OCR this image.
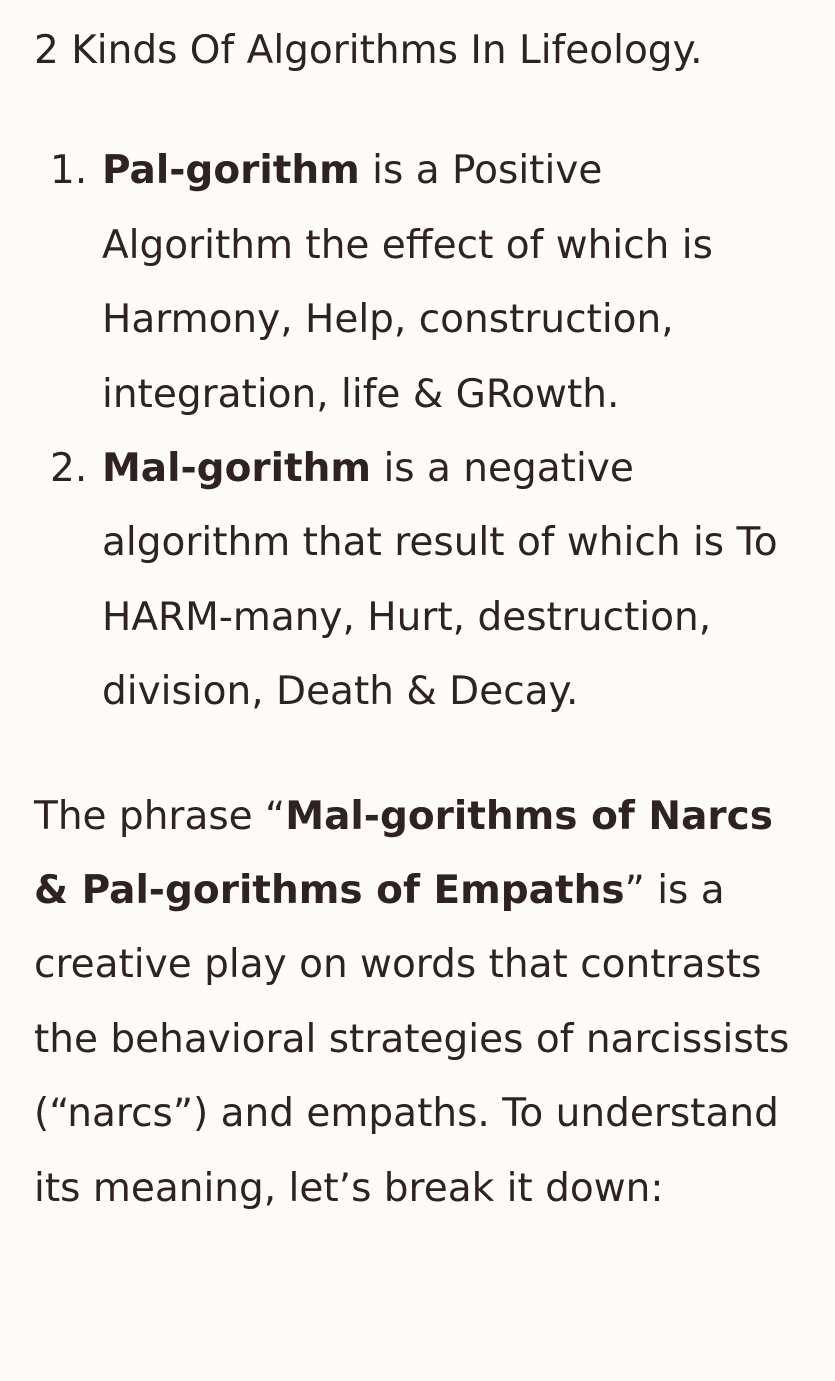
2 Kinds Of Algorithms In Lifeology.

1. Pal-gorithm is a Positive Algorithm the effect of which is Harmony, Help, construction, integration, life & GRowth.
2. Mal-gorithm is a negative algorithm that result of which is To HARM-many, Hurt, destruction, division, Death & Decay.

The phrase “Mal-gorithms of Narcs & Pal-gorithms of Empaths” is a creative play on words that contrasts the behavioral strategies of narcissists (“narcs”) and empaths. To understand its meaning, let’s break it down:
